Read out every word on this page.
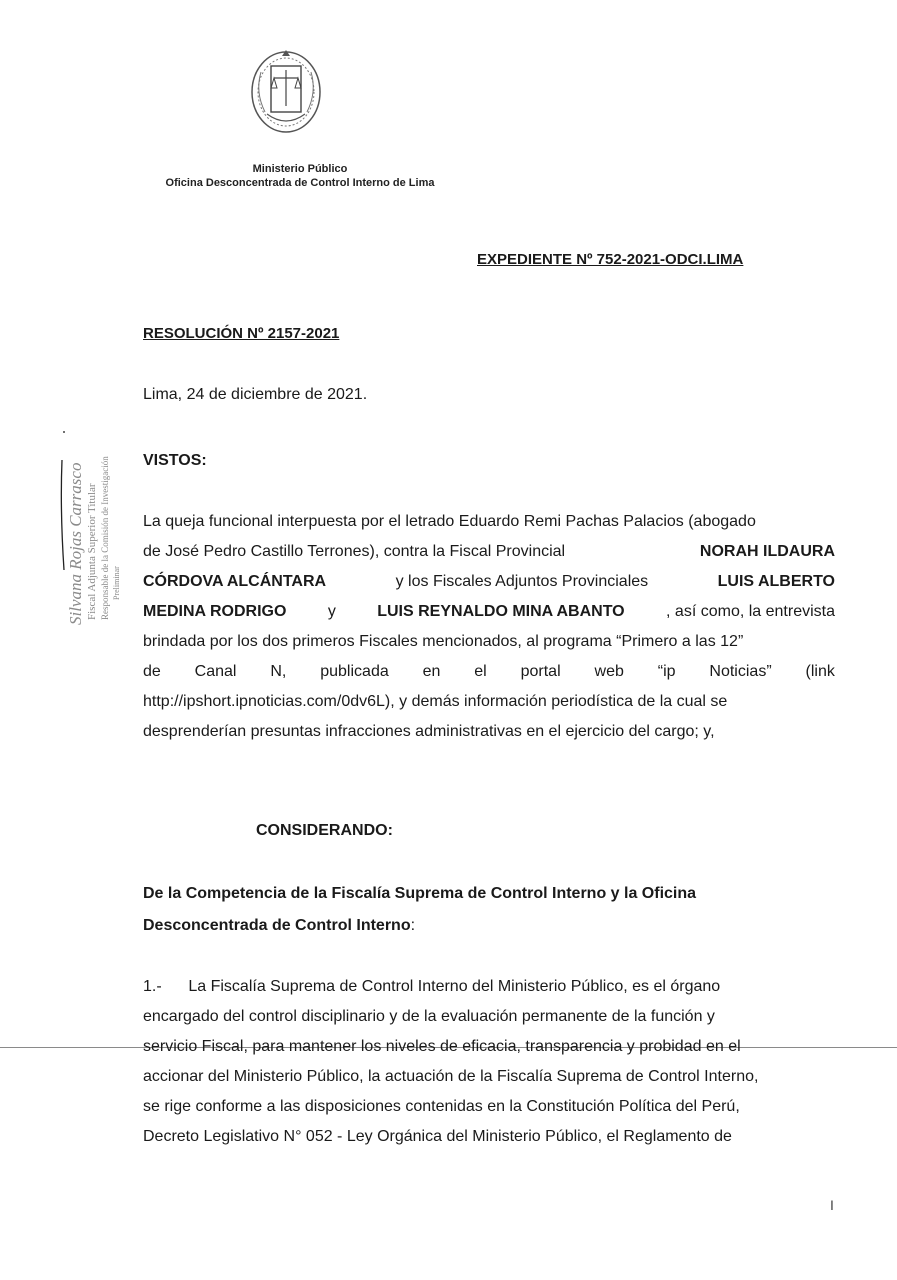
Ministerio Público
Oficina Desconcentrada de Control Interno de Lima
EXPEDIENTE Nº 752-2021-ODCI.LIMA
RESOLUCIÓN Nº 2157-2021
Lima, 24 de diciembre de 2021.
VISTOS:
La queja funcional interpuesta por el letrado Eduardo Remi Pachas Palacios (abogado
de José Pedro Castillo Terrones), contra la Fiscal Provincial	NORAH ILDAURA
CÓRDOVA ALCÁNTARA	y los Fiscales Adjuntos Provinciales	LUIS ALBERTO
MEDINA RODRIGO	y	LUIS REYNALDO MINA ABANTO	, así como, la entrevista
brindada por los dos primeros Fiscales mencionados, al programa “Primero a las 12”
de Canal N, publicada en el portal web “ip Noticias” (link
http://ipshort.ipnoticias.com/0dv6L), y demás información periodística de la cual se
desprenderían presuntas infracciones administrativas en el ejercicio del cargo; y,
CONSIDERANDO:
De la Competencia de la Fiscalía Suprema de Control Interno y la Oficina
Desconcentrada de Control Interno:
1.-      La Fiscalía Suprema de Control Interno del Ministerio Público, es el órgano
encargado del control disciplinario y de la evaluación permanente de la función y
servicio Fiscal, para mantener los niveles de eficacia, transparencia y probidad en el
accionar del Ministerio Público, la actuación de la Fiscalía Suprema de Control Interno,
se rige conforme a las disposiciones contenidas en la Constitución Política del Perú,
Decreto Legislativo N° 052 - Ley Orgánica del Ministerio Público, el Reglamento de
Silvana Rojas Carrasco Fiscal Adjunta Superior Titular Responsable de la Comisión de Investigación Preliminar
I
